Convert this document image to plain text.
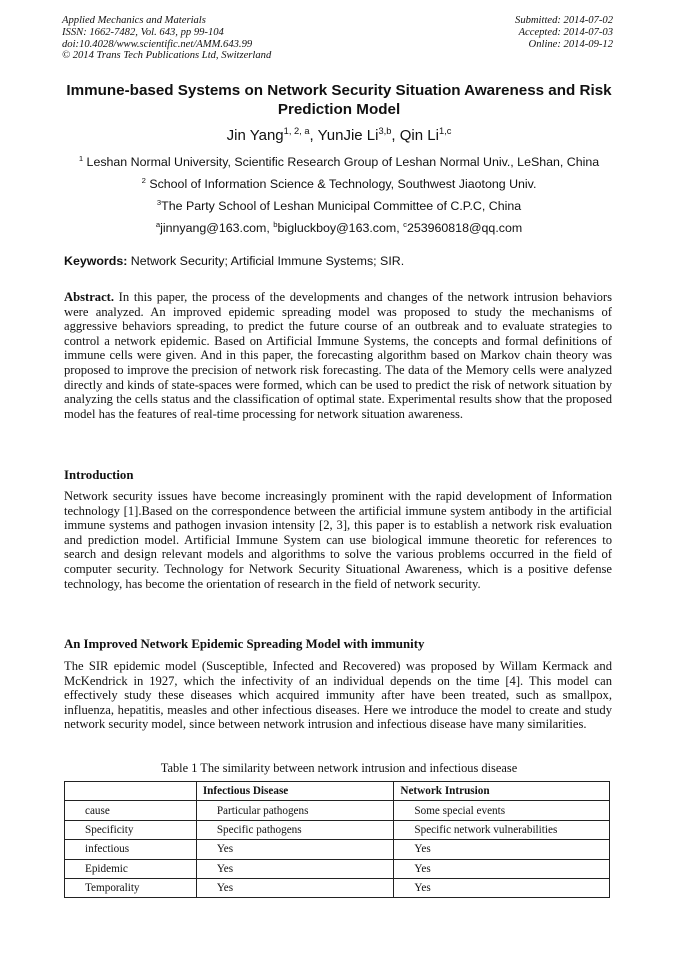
Applied Mechanics and Materials
ISSN: 1662-7482, Vol. 643, pp 99-104
doi:10.4028/www.scientific.net/AMM.643.99
© 2014 Trans Tech Publications Ltd, Switzerland
Submitted: 2014-07-02
Accepted: 2014-07-03
Online: 2014-09-12
Immune-based Systems on Network Security Situation Awareness and Risk Prediction Model
Jin Yang$^{1, 2, a}$, YunJie Li$^{3,b}$, Qin Li$^{1,c}$
$^1$ Leshan Normal University, Scientific Research Group of Leshan Normal Univ., LeShan, China
$^2$ School of Information Science & Technology, Southwest Jiaotong Univ.
$^3$The Party School of Leshan Municipal Committee of C.P.C, China
$^a$jinnyang@163.com, $^b$bigluckboy@163.com, $^c$253960818@qq.com
Keywords: Network Security; Artificial Immune Systems; SIR.
Abstract. In this paper, the process of the developments and changes of the network intrusion behaviors were analyzed. An improved epidemic spreading model was proposed to study the mechanisms of aggressive behaviors spreading, to predict the future course of an outbreak and to evaluate strategies to control a network epidemic. Based on Artificial Immune Systems, the concepts and formal definitions of immune cells were given. And in this paper, the forecasting algorithm based on Markov chain theory was proposed to improve the precision of network risk forecasting. The data of the Memory cells were analyzed directly and kinds of state-spaces were formed, which can be used to predict the risk of network situation by analyzing the cells status and the classification of optimal state. Experimental results show that the proposed model has the features of real-time processing for network situation awareness.
Introduction
Network security issues have become increasingly prominent with the rapid development of Information technology [1].Based on the correspondence between the artificial immune system antibody in the artificial immune systems and pathogen invasion intensity [2, 3], this paper is to establish a network risk evaluation and prediction model. Artificial Immune System can use biological immune theoretic for references to search and design relevant models and algorithms to solve the various problems occurred in the field of computer security. Technology for Network Security Situational Awareness, which is a positive defense technology, has become the orientation of research in the field of network security.
An Improved Network Epidemic Spreading Model with immunity
The SIR epidemic model (Susceptible, Infected and Recovered) was proposed by Willam Kermack and McKendrick in 1927, which the infectivity of an individual depends on the time [4]. This model can effectively study these diseases which acquired immunity after have been treated, such as smallpox, influenza, hepatitis, measles and other infectious diseases. Here we introduce the model to create and study network security model, since between network intrusion and infectious disease have many similarities.
Table 1 The similarity between network intrusion and infectious disease
	Infectious Disease	Network Intrusion
cause	Particular pathogens	Some special events
Specificity	Specific pathogens	Specific network vulnerabilities
infectious	Yes	Yes
Epidemic	Yes	Yes
Temporality	Yes	Yes
